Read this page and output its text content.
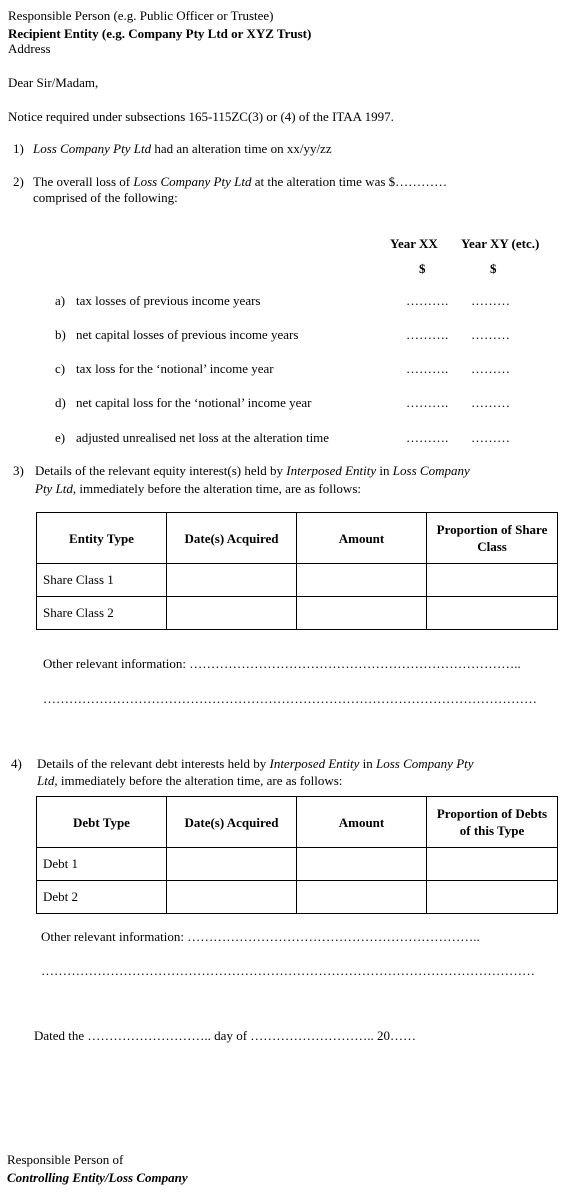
Responsible Person (e.g. Public Officer or Trustee)
Recipient Entity (e.g. Company Pty Ltd or XYZ Trust)
Address
Dear Sir/Madam,
Notice required under subsections 165-115ZC(3) or (4) of the ITAA 1997.
1) Loss Company Pty Ltd had an alteration time on xx/yy/zz
2) The overall loss of Loss Company Pty Ltd at the alteration time was $…………
comprised of the following:
Year XX Year XY (etc.)
$	$
a) tax losses of previous income years	………. ………
b) net capital losses of previous income years	………. ………
c) tax loss for the ‘notional’ income year	………. ………
d) net capital loss for the ‘notional’ income year	………. ………
e) adjusted unrealised net loss at the alteration time	………. ………
3) Details of the relevant equity interest(s) held by Interposed Entity in Loss Company
Pty Ltd, immediately before the alteration time, are as follows:
Entity Type	Date(s) Acquired	Amount	Proportion of Share Class
Share Class 1			
Share Class 2			
Other relevant information: …………………………………………………………………..
……………………………………………………………………………………………………
4) Details of the relevant debt interests held by Interposed Entity in Loss Company Pty
Ltd, immediately before the alteration time, are as follows:
Debt Type	Date(s) Acquired	Amount	Proportion of Debts of this Type
Debt 1			
Debt 2			
Other relevant information: …………………………………………………………..
……………………………………………………………………………………………………
Dated the ……………………….. day of ……………………….. 20……
Responsible Person of
Controlling Entity/Loss Company
